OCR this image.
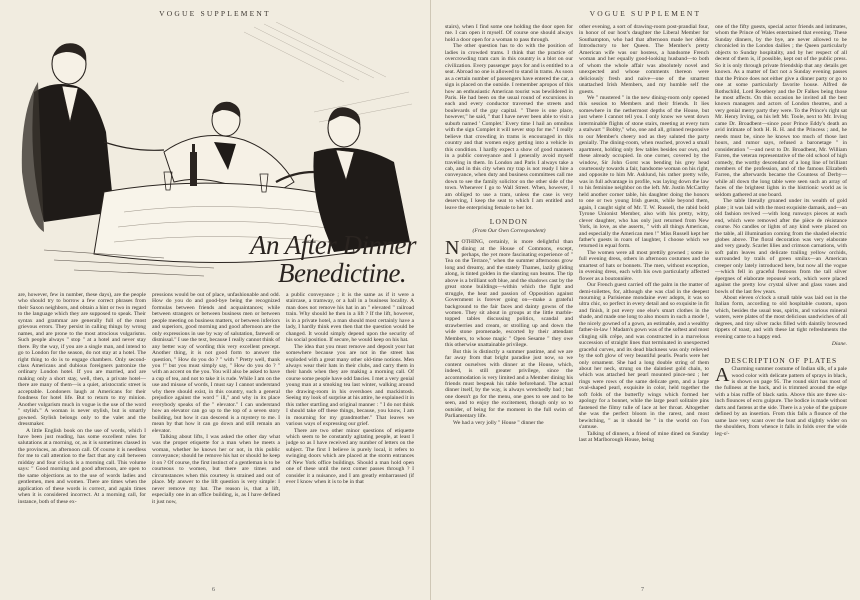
VOGUE SUPPLEMENT
An After Dinner
Benedictine.

are, however, few in number, these days), are the people who should try to borrow a few correct phrases from their Saxon neighbors, and obtain a hint or two in regard to the language which they are supposed to speak. Their syntax and grammar are generally full of the most grievous errors. They persist in calling things by wrong names, and are prone to the most atrocious vulgarisms. Such people always " stop " at a hotel and never stay there. By the way, if you are a single man, and intend to go to London for the season, do not stay at a hotel. The right thing to do is to engage chambers. Only second-class Americans and dubious foreigners patronize the ordinary London hotel. If you are married, and are making only a short stay, well, then, a private hotel—there are many of them—is a quiet, aristocratic street is acceptable. Londoners laugh at Americans for their fondness for hotel life. But to return to my minion. Another vulgarism much in vogue is the use of the word " stylish." A woman is never stylish, but is smartly gowned. Stylish belongs only to the valet and the dressmaker.

A little English book on the use of words, which I have been just reading, has some excellent rules for salutations at a morning, or, as it is sometimes classed in the provinces, an afternoon call. Of course it is needless for me to call attention to the fact that any call between midday and four o'clock is a morning call. This volume says: " Good morning and good afternoon, are open to the same objections as to the use of words ladies and gentlemen, men and women. There are times when the application of these words is correct, and again times when it is considered incorrect. At a morning call, for instance, both of these ex-

pressions would be out of place, unfashionable and odd. How do you do and good-bye being the recognized formulas between friends and acquaintances; while between strangers or between business men or between people meeting on business matters, or between inferiors and superiors, good morning and good afternoon are the only expressions in use by way of salutation, farewell or dismissal." I use the text, because I really cannot think of any better way of wording this very excellent precept. Another thing, it is not good form to answer the question, " How do you do ? " with " Pretty well, thank you !" but you must simply say, " How do you do ? " with an accent on the you. You will also be asked to have a cup of tea, and not to take it is rude. While I am on the use and misuse of words, I must say I cannot understand why there should exist, in this country, such a general prejudice against the word " ill," and why in its place everybody speaks of the " elevator." I can understand how an elevator can go up to the top of a seven story building, but how it can descend is a mystery to me. I mean by that how it can go down and still remain an elevator.

Talking about lifts, I was asked the other day what was the proper etiquette for a man when he meets a woman, whether he knows her or not, in this public conveyance; should he remove his hat or should he keep it on ? Of course, the first instinct of a gentleman is to be courteous to women, but there are times and circumstances when this courtesy is strained and out of place. My answer to the lift question is very simple: I never remove my hat. The reason is, that a lift, especially one in an office building, is, as I have defined it just now,

a public conveyance ; it is the same as if it were a staircase, a tramway, or a hall in a business locality. A man does not remove his hat in an " elevated " railroad train. Why should he then in a lift ? If the lift, however, is in a private hotel, a man should most certainly have a lady, I hardly think even then that the question would be changed. It would simply depend upon the security of his social position. If secure, he would keep on his hat.

The idea that you must remove and deposit your hat somewhere because you are not in the street has exploded with a great many other old-time notions. Men always wear their hats in their clubs, and carry them in their hands when they are making a morning call. Of course some people have odd fancies. I met a very genial young man at a smoking tea last winter, walking around the drawing-room in his overshoes and mackintosh. Seeing my look of surprise at his attire, he explained it in this rather startling and original manner : " I do not think I should take off these things, because, you know, I am in mourning for my grandmother." That leaves we various ways of expressing our grief.

There are two other minor questions of etiquette which seem to be constantly agitating people, at least I judge so as I have received any number of letters on the subject. The first I believe is purely local, it refers to swinging doors which are placed at the storm entrances of New York office buildings. Should a man hold open one of these until the next comer passes through ? I consider it a nuisance, and I am greatly embarrassed (if ever I know when it is to be in that

6
VOGUE SUPPLEMENT

stairs), when I find some one holding the door open for me. I can open it myself. Of course one should always hold a door open for a woman to pass through.

The other question has to do with the position of ladies in crowded trams. I think that the practice of overcrowding tram cars in this country is a blot on our civilization. Every passenger pays for and is entitled to a seat. Abroad no one is allowed to stand in trams. As soon as a certain number of passengers have entered the car, a sign is placed on the outside. I remember apropos of this how an enthusiastic American tourist was bewildered in Paris. He had been on the usual round of excursions in each and every conductor traversed the streets and boulevards of the gay capital. " There is one place, however," he said, " that I have never been able to visit a suburb named ' Complet.' Every time I hail an omnibus with the sign Complet it will never stop for me." I really believe that crowding in trams is encouraged in this country and that women enjoy getting into a vehicle in this condition. I hardly expect a show of good manners in a public conveyance and I generally avoid myself traveling in them. In London and Paris I always take a cab, and in this city when my trap is not ready I hire a conveyance, when duty and business committees call me down to see the family solicitor on the other side of the town. Whenever I go to Wall Street. When, however, I am obliged to use a tram, unless the case is very deserving, I keep the seat to which I am entitled and leave the enterprising female to her lot.

LONDON
(From Our Own Correspondent)

NOTHING, certainly, is more delightful than dining at the House of Commons, except, perhaps, the yet more fascinating experience of " Tea on the Terrace," when the summer afternoons grow long and dreamy, and the stately Thames, lazily gliding along, is tinted golden in the slanting sun beams. The tip above is a brilliant soft blue, and the shadows cast by the great stone buildings—within which the fight and struggle, the heat and passion of Opposition against Government is forever going on—make a grateful background to the fair faces and dainty gowns of the women. They sit about in groups at the little marble-topped tables discussing politics, scandal and strawberries and cream, or strolling up and down the wide stone promenade, escorted by their attendant Members, to whose magic " Open Sesame " they owe this otherwise unattainable privilege.

But this is distinctly a summer pastime, and we are far away from that bright paradise just now, so we content ourselves with dinner at the House, which, indeed, is still greater privilege, since the accommodation is very limited and a Member dining his friends must bespeak his table beforehand. The actual dinner itself, by the way, is always wretchedly bad ; but one doesn't go for the menu, one goes to see and to be seen, and to enjoy the excitement, though only so to outsider, of being for the moment in the full swim of Parliamentary life.

We had a very jolly " House " dinner the

other evening, a sort of drawing-room post-prandial four, in honor of our host's daughter the Liberal Member for Southampton, who had that afternoon made her début. Introductory to her Queen. The Member's pretty American wife was our hostess, a handsome French woman and her equally good-looking husband—to both of whom the whole affair was absolutely novel and unexpected and whose comments thereon were deliciously fresh and naive—one of the smartest unattached Irish Members, and my humble self the guests.

We " mustered " in the new dining-room only opened this session to Members and their friends. It lies somewhere in the nethermost depths of the House, but just where I cannot tell you. I only know we went down interminable flights of stone stairs, meeting at every turn a stalwart " Bobby," who, one and all, grinned responsive to our Member's cheery nod as they saluted the party genially. The dining-room, when reached, proved a small apartment, holding only few tables besides our own, and these already occupied. In one corner, covered by the window, Sir John Gorst was bending his grey head courteously towards a fair, handsome woman on his right, and opposite to him Mr. Asklund, his rather pretty wife, was in full advantage in profile, was laying down the law to his feminine neighbor on the left. Mr. Justin McCarthy held another corner table, his daughter doing the honors to one or two young Irish guests, while beyond them, again, I caught sight of Mr. T. W. Russell, the rabid bold Tyrone Unionist Member, also with his pretty, witty, clever daughter, who has only just returned from New York, in love, as she asserts, " with all things American, and especially the American men !" Miss Russell kept her father's guests in roars of laughter, I choose which we returned in equal form.

The women were all most prettily gowned ; some in full evening dress, others in afternoon costumes and the smartest of hats or bonnets. The men, without exception, in evening dress, each with his own particularly affected flower as a boutonnière.

Our French guest carried off the palm in the matter of demi-toilettes, for, although she was clad in the deepest mourning a Parisienne mondaine ever adopts, it was so ultra chic, so perfect in every detail and so exquisite in fit and finish, it put every one else's smart clothes in the shade, and made one long to also mourn in such a mode !, the nicely gowned of a gown, an estimable, and a wealthy father-in-law ! Madam's gown was of the softest and most clinging silk crêpe, and was constructed in a marvelous succession of straight lines that terminated in unexpected graceful curves, and its dead blackness was only relieved by the soft glow of very beautiful pearls. Pearls were her only ornament. She had a long double string of them about her neck, strung on the daintiest gold chain, to which was attached her pearl mounted pince-nez ; her rings were rows of the same delicate gem, and a large oval-shaped pearl, exquisite in color, held together the soft folds of the butterfly wings which formed her apology for a bonnet, while the large pearl solitaire pins fastened the filmy tulle of lace at her throat. Altogether she was the perfect bloom in the rarest, and most bewitching, " as it should be " in the world on l'on s'amuse.

Talking of dinners, a friend of mine dined on Sunday last at Marlborough House, being

one of the fifty guests, special actor friends and intimates, whom the Prince of Wales entertained that evening. These Sunday dinners, by the bye, are never allowed to be chronicled in the London dailies ; the Queen particularly objects to Sunday hospitality, and by her respect of all decent of them is, if possible, kept out of the public press. So it is only through private friendship that any details get known. As a matter of fact not a Sunday evening passes that the Prince does not either give a dinner party or go to one at some particularly favorite house. Alfred de Rothschild, Lord Rosebery and the Dr Falkes being those he most affects. On this occasion he invited all the best known managers and actors of London theatres, and a very genial merry party they were. To the Prince's right sat Mr. Henry Irving, on his left Mr. Toole, next to Mr. Irving came Dr. Broadbent—since poor Prince Eddy's death an avid intimate of both H. R. H. and the Princess ; and, he needs must be, since he knows too much of those last hours, and rumor says, refused a baronetage " in consideration "—and next to Dr. Broadbent, Mr. William Farren, the veteran representative of the old school of high comedy, the worthy descendant of a long line of brilliant members of the profession, and of the famous Elizabeth Farren, the afterwards became the Countess of Derby—while all down the long table were seen such an array of faces of the brightest lights in the histrionic world as is seldom gathered at one board.

The table literally groaned under its wealth of gold plate ; it was laid with the most exquisite damask, and—an old fashion revived —with long runways pieces at each end, which were removed after the pièce de résistance course. No candles or lights of any kind were placed on the table, all illumination coming from the shaded electric globes above. The floral decoration was very elaborate and very gaudy. Scarlet lilies and crimson carnations, with soft palm leaves and delicate trailing yellow orchids, surrounded by trails of green smilax—an American creeper only lately introduced here, but now all the vogue—which fell in graceful festoons from the tall silver épergnes of elaborate repoussé work, which were placed against the pretty low crystal silver and glass vases and bowls of the last few years.

About eleven o'clock a small table was laid out in the Italian form, according to old hospitable custom, upon which, besides the usual teas, spirits, and various mineral waters, were plates of the most delicious sandwiches of all degrees, and tiny silver racks filled with daintily browned tippets of toast, and with these lat tight refreshments the evening came to a happy end.

Diane.
DESCRIPTION OF PLATES

A Charming summer costume of Indian silk, of a pale wood color with delicate pattern of sprays in black, is shown on page 95. The round skirt has most of the fullness at the back, and is trimmed around the edge with a bias ruffle of black satin. Above this are three six-inch flounces of ecru guipure. The bodice is made without darts and fastens at the side. There is a yoke of the guipure defined by an insertion. From this falls a flounce of the same lace very scant over the bust and slightly wider on the shoulders, from whence it falls in folds over the wide leg-o'-

7
